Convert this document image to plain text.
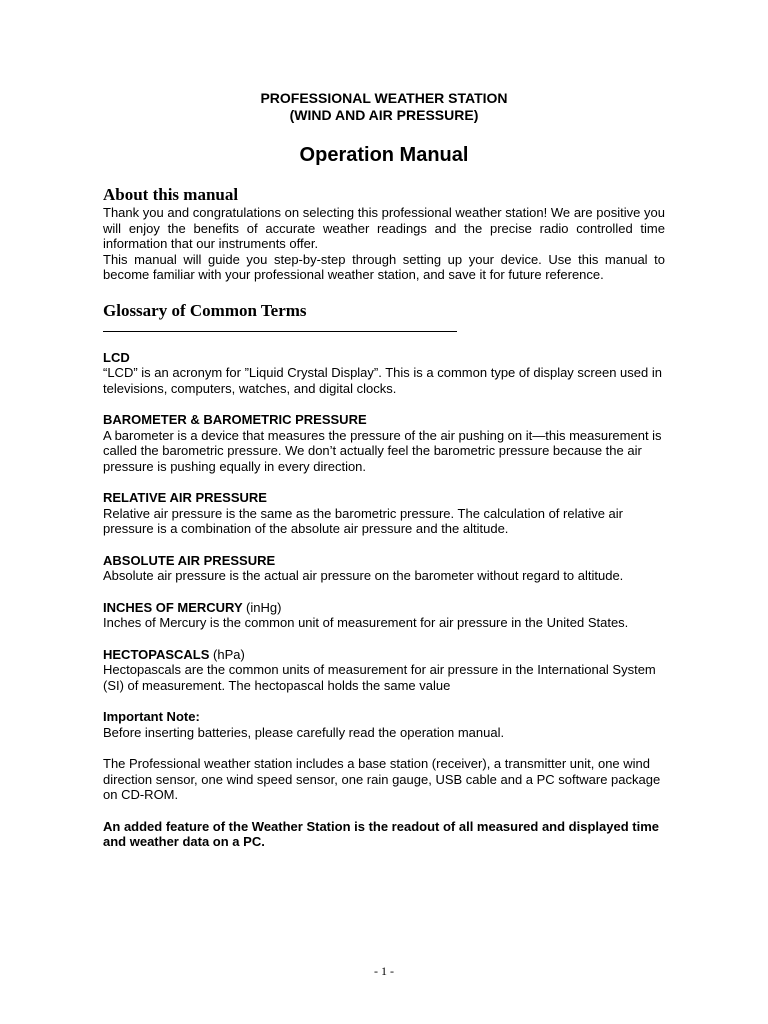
PROFESSIONAL WEATHER STATION

(WIND AND AIR PRESSURE)

Operation Manual

About this manual

Thank you and congratulations on selecting this professional weather station! We are positive you will enjoy the benefits of accurate weather readings and the precise radio controlled time information that our instruments offer.

This manual will guide you step-by-step through setting up your device. Use this manual to become familiar with your professional weather station, and save it for future reference.

Glossary of Common Terms

LCD

“LCD” is an acronym for ”Liquid Crystal Display”. This is a common type of display screen used in televisions, computers, watches, and digital clocks.

BAROMETER & BAROMETRIC PRESSURE

A barometer is a device that measures the pressure of the air pushing on it—this measurement is called the barometric pressure. We don’t actually feel the barometric pressure because the air pressure is pushing equally in every direction.

RELATIVE AIR PRESSURE

Relative air pressure is the same as the barometric pressure. The calculation of relative air pressure is a combination of the absolute air pressure and the altitude.

ABSOLUTE AIR PRESSURE

Absolute air pressure is the actual air pressure on the barometer without regard to altitude.

INCHES OF MERCURY (inHg)

Inches of Mercury is the common unit of measurement for air pressure in the United States.

HECTOPASCALS (hPa)

Hectopascals are the common units of measurement for air pressure in the International System (SI) of measurement. The hectopascal holds the same value

Important Note:

Before inserting batteries, please carefully read the operation manual.

The Professional weather station includes a base station (receiver), a transmitter unit, one wind direction sensor, one wind speed sensor, one rain gauge, USB cable and a PC software package on CD-ROM.

An added feature of the Weather Station is the readout of all measured and displayed time and weather data on a PC.

- 1 -
